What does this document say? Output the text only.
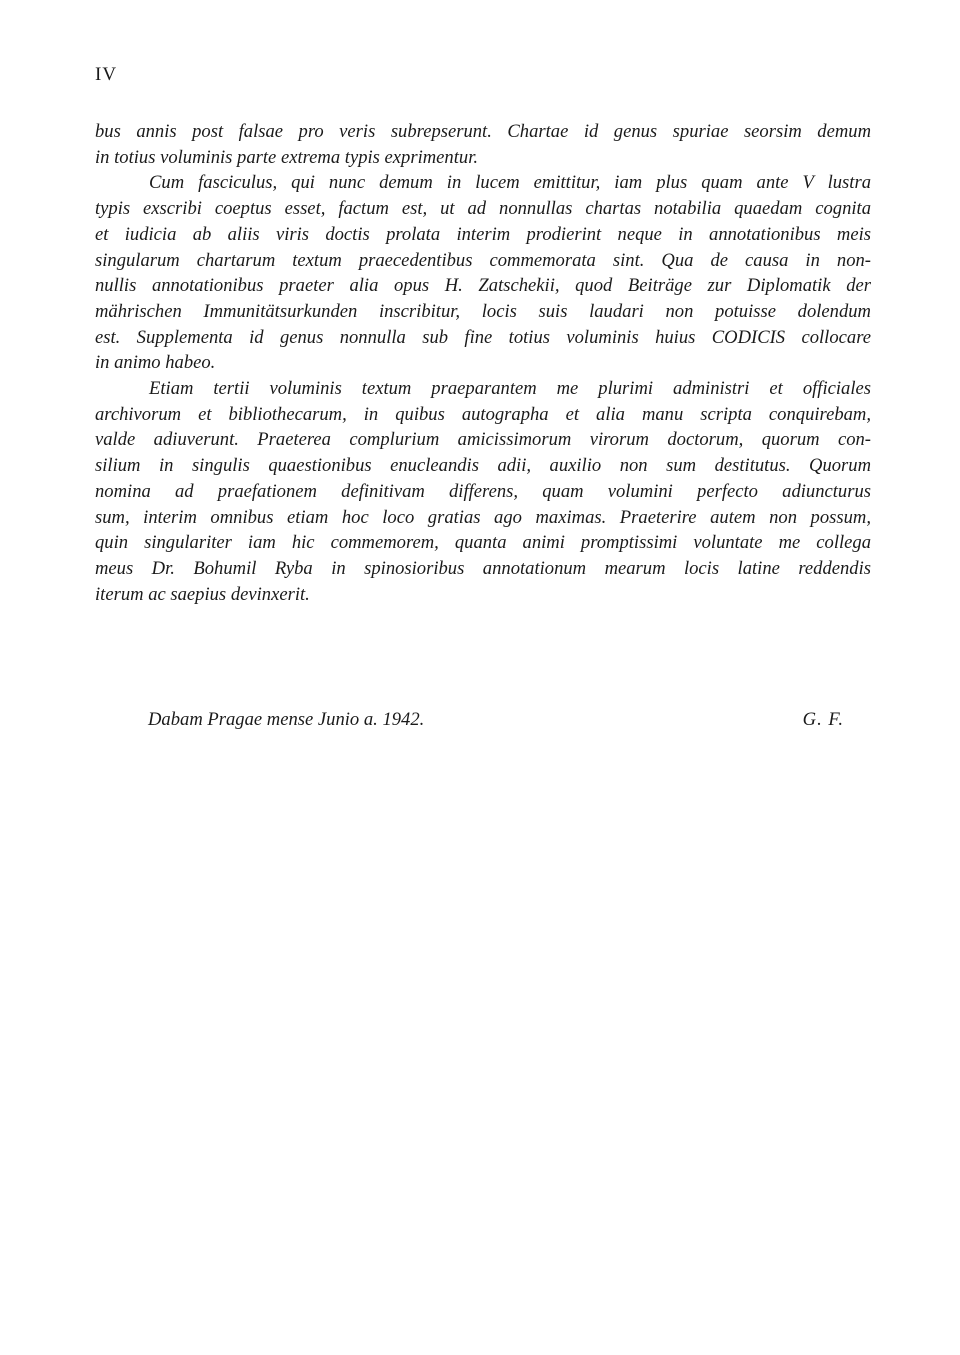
IV
bus annis post falsae pro veris subrepserunt. Chartae id genus spuriae seorsim demum
in totius voluminis parte extrema typis exprimentur.
Cum fasciculus, qui nunc demum in lucem emittitur, iam plus quam ante V lustra
typis exscribi coeptus esset, factum est, ut ad nonnullas chartas notabilia quaedam cognita
et iudicia ab aliis viris doctis prolata interim prodierint neque in annotationibus meis
singularum chartarum textum praecedentibus commemorata sint. Qua de causa in non-
nullis annotationibus praeter alia opus H. Zatschekii, quod Beiträge zur Diplomatik der
mährischen Immunitätsurkunden inscribitur, locis suis laudari non potuisse dolendum
est. Supplementa id genus nonnulla sub fine totius voluminis huius CODICIS collocare
in animo habeo.
Etiam tertii voluminis textum praeparantem me plurimi administri et officiales
archivorum et bibliothecarum, in quibus autographa et alia manu scripta conquirebam,
valde adiuverunt. Praeterea complurium amicissimorum virorum doctorum, quorum con-
silium in singulis quaestionibus enucleandis adii, auxilio non sum destitutus. Quorum
nomina ad praefationem definitivam differens, quam volumini perfecto adiuncturus
sum, interim omnibus etiam hoc loco gratias ago maximas. Praeterire autem non possum,
quin singulariter iam hic commemorem, quanta animi promptissimi voluntate me collega
meus Dr. Bohumil Ryba in spinosioribus annotationum mearum locis latine reddendis
iterum ac saepius devinxerit.
Dabam Pragae mense Junio a. 1942.	G. F.
